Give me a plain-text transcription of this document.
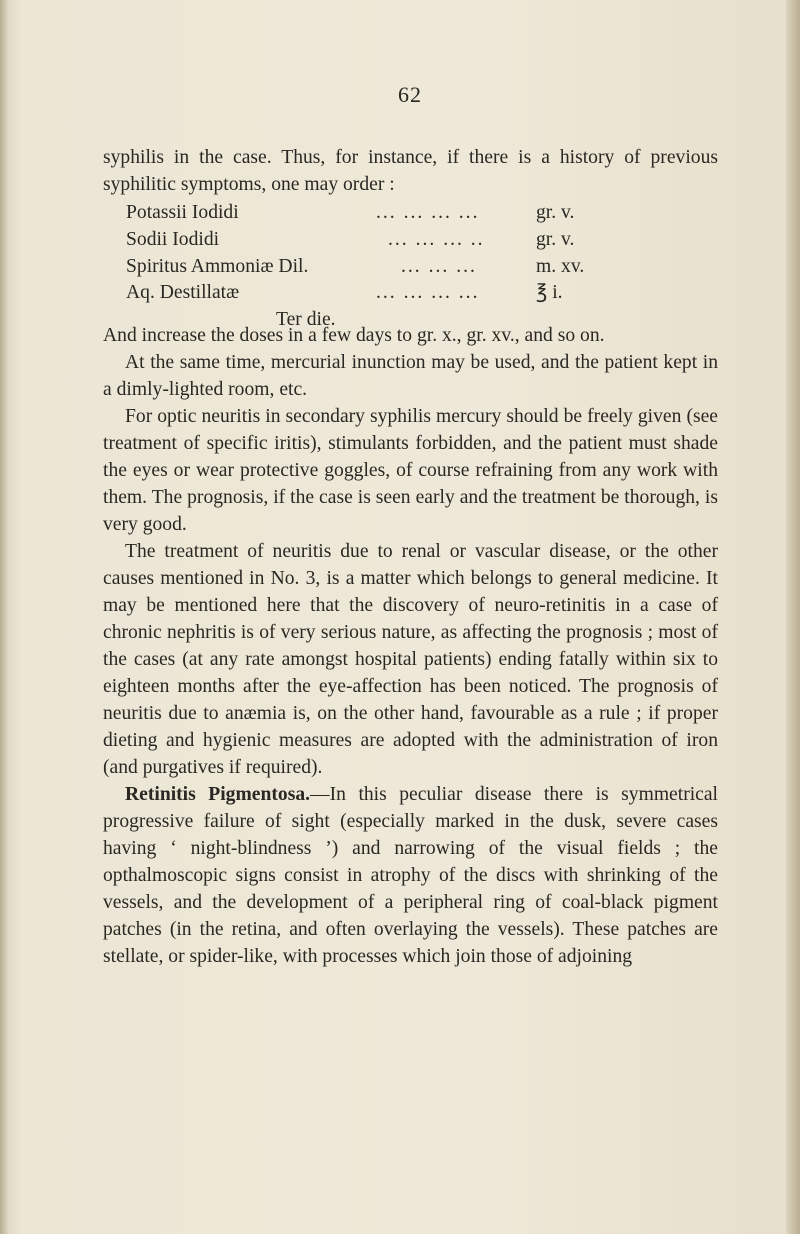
62

syphilis in the case. Thus, for instance, if there is a history of previous syphilitic symptoms, one may order :

Potassii Iodidi	... ... ... ...	gr. v.
Sodii Iodidi	... ... ... ..	gr. v.
Spiritus Ammoniæ Dil.	... ... ...	m. xv.
Aq. Destillatæ	... ... ... ...	℥ i.
Ter die.

And increase the doses in a few days to gr. x., gr. xv., and so on.

At the same time, mercurial inunction may be used, and the patient kept in a dimly-lighted room, etc.

For optic neuritis in secondary syphilis mercury should be freely given (see treatment of specific iritis), stimulants forbidden, and the patient must shade the eyes or wear protective goggles, of course refraining from any work with them. The prognosis, if the case is seen early and the treatment be thorough, is very good.

The treatment of neuritis due to renal or vascular disease, or the other causes mentioned in No. 3, is a matter which belongs to general medicine. It may be mentioned here that the discovery of neuro-retinitis in a case of chronic nephritis is of very serious nature, as affecting the prognosis ; most of the cases (at any rate amongst hospital patients) ending fatally within six to eighteen months after the eye-affection has been noticed. The prognosis of neuritis due to anæmia is, on the other hand, favourable as a rule ; if proper dieting and hygienic measures are adopted with the administration of iron (and purgatives if required).

Retinitis Pigmentosa.—In this peculiar disease there is symmetrical progressive failure of sight (especially marked in the dusk, severe cases having ‘ night-blindness ’) and narrowing of the visual fields ; the opthalmoscopic signs consist in atrophy of the discs with shrinking of the vessels, and the development of a peripheral ring of coal-black pigment patches (in the retina, and often overlaying the vessels). These patches are stellate, or spider-like, with processes which join those of adjoining
